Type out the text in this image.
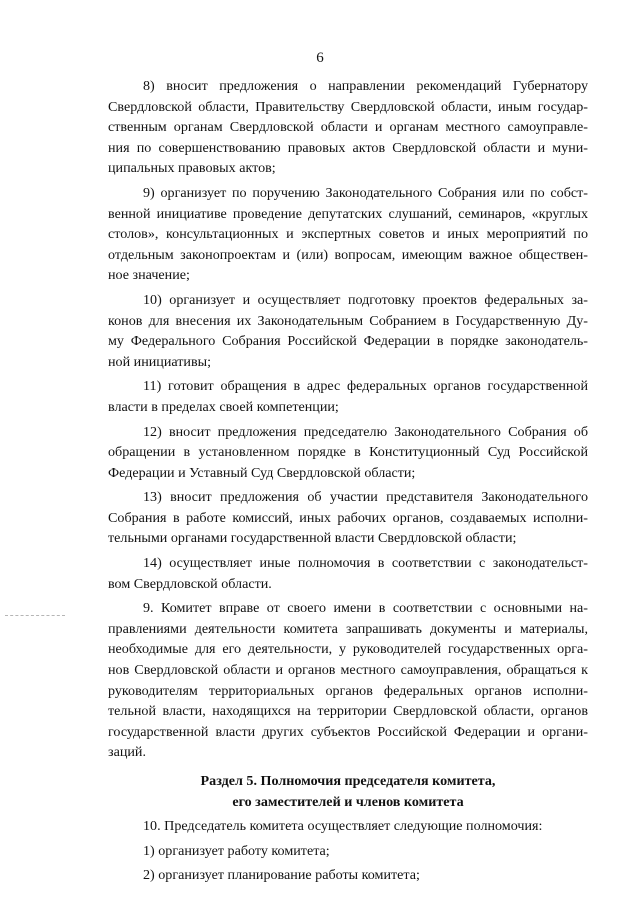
6
8) вносит предложения о направлении рекомендаций Губернатору
Свердловской области, Правительству Свердловской области, иным государ-
ственным органам Свердловской области и органам местного самоуправле-
ния по совершенствованию правовых актов Свердловской области и муни-
ципальных правовых актов;
9) организует по поручению Законодательного Собрания или по собст-
венной инициативе проведение депутатских слушаний, семинаров, «круглых
столов», консультационных и экспертных советов и иных мероприятий по
отдельным законопроектам и (или) вопросам, имеющим важное обществен-
ное значение;
10) организует и осуществляет подготовку проектов федеральных за-
конов для внесения их Законодательным Собранием в Государственную Ду-
му Федерального Собрания Российской Федерации в порядке законодатель-
ной инициативы;
11) готовит обращения в адрес федеральных органов государственной
власти в пределах своей компетенции;
12) вносит предложения председателю Законодательного Собрания об
обращении в установленном порядке в Конституционный Суд Российской
Федерации и Уставный Суд Свердловской области;
13) вносит предложения об участии представителя Законодательного
Собрания в работе комиссий, иных рабочих органов, создаваемых исполни-
тельными органами государственной власти Свердловской области;
14) осуществляет иные полномочия в соответствии с законодательст-
вом Свердловской области.
9. Комитет вправе от своего имени в соответствии с основными на-
правлениями деятельности комитета запрашивать документы и материалы,
необходимые для его деятельности, у руководителей государственных орга-
нов Свердловской области и органов местного самоуправления, обращаться к
руководителям территориальных органов федеральных органов исполни-
тельной власти, находящихся на территории Свердловской области, органов
государственной власти других субъектов Российской Федерации и органи-
заций.
Раздел 5. Полномочия председателя комитета,
его заместителей и членов комитета
10. Председатель комитета осуществляет следующие полномочия:
1) организует работу комитета;
2) организует планирование работы комитета;
